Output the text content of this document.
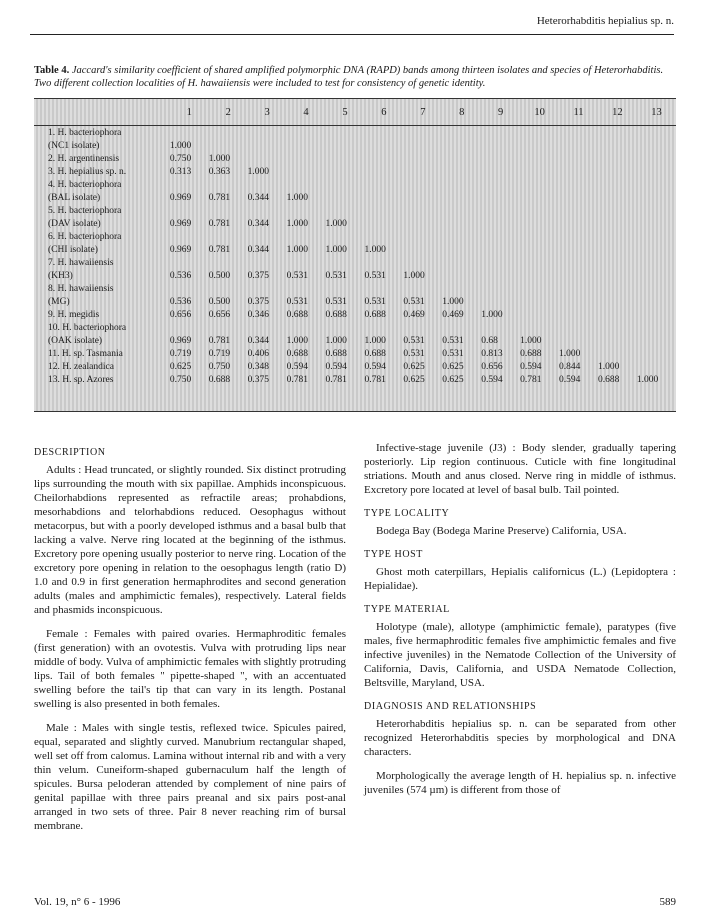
Heterorhabditis hepialius sp. n.
Table 4. Jaccard's similarity coefficient of shared amplified polymorphic DNA (RAPD) bands among thirteen isolates and species of Heterorhabditis. Two different collection localities of H. hawaiiensis were included to test for consistency of genetic identity.
	1	2	3	4	5	6	7	8	9	10	11	12	13
1. H. bacteriophora													
(NC1 isolate)	1.000												
2. H. argentinensis	0.750	1.000											
3. H. hepialius sp. n.	0.313	0.363	1.000										
4. H. bacteriophora													
(BAL isolate)	0.969	0.781	0.344	1.000									
5. H. bacteriophora													
(DAV isolate)	0.969	0.781	0.344	1.000	1.000								
6. H. bacteriophora													
(CHI isolate)	0.969	0.781	0.344	1.000	1.000	1.000							
7. H. hawaiiensis													
(KH3)	0.536	0.500	0.375	0.531	0.531	0.531	1.000						
8. H. hawaiiensis													
(MG)	0.536	0.500	0.375	0.531	0.531	0.531	0.531	1.000					
9. H. megidis	0.656	0.656	0.346	0.688	0.688	0.688	0.469	0.469	1.000				
10. H. bacteriophora													
(OAK isolate)	0.969	0.781	0.344	1.000	1.000	1.000	0.531	0.531	0.68	1.000			
11. H. sp. Tasmania	0.719	0.719	0.406	0.688	0.688	0.688	0.531	0.531	0.813	0.688	1.000		
12. H. zealandica	0.625	0.750	0.348	0.594	0.594	0.594	0.625	0.625	0.656	0.594	0.844	1.000	
13. H. sp. Azores	0.750	0.688	0.375	0.781	0.781	0.781	0.625	0.625	0.594	0.781	0.594	0.688	1.000
DESCRIPTION

Adults : Head truncated, or slightly rounded. Six distinct protruding lips surrounding the mouth with six papillae. Amphids inconspicuous. Cheilorhabdions represented as refractile areas; prohabdions, mesorhabdions and telorhabdions reduced. Oesophagus without metacorpus, but with a poorly developed isthmus and a basal bulb that lacking a valve. Nerve ring located at the beginning of the isthmus. Excretory pore opening usually posterior to nerve ring. Location of the excretory pore opening in relation to the oesophagus length (ratio D) 1.0 and 0.9 in first generation hermaphrodites and second generation adults (males and amphimictic females), respectively. Lateral fields and phasmids inconspicuous.

Female : Females with paired ovaries. Hermaphroditic females (first generation) with an ovotestis. Vulva with protruding lips near middle of body. Vulva of amphimictic females with slightly protruding lips. Tail of both females " pipette-shaped ", with an accentuated swelling before the tail's tip that can vary in its length. Postanal swelling is also presented in both females.

Male : Males with single testis, reflexed twice. Spicules paired, equal, separated and slightly curved. Manubrium rectangular shaped, well set off from calomus. Lamina without internal rib and with a very thin velum. Cuneiform-shaped gubernaculum half the length of spicules. Bursa peloderan attended by complement of nine pairs of genital papillae with three pairs preanal and six pairs post-anal arranged in two sets of three. Pair 8 never reaching rim of bursal membrane.

Infective-stage juvenile (J3) : Body slender, gradually tapering posteriorly. Lip region continuous. Cuticle with fine longitudinal striations. Mouth and anus closed. Nerve ring in middle of isthmus. Excretory pore located at level of basal bulb. Tail pointed.

TYPE LOCALITY

Bodega Bay (Bodega Marine Preserve) California, USA.

TYPE HOST

Ghost moth caterpillars, Hepialis californicus (L.) (Lepidoptera : Hepialidae).

TYPE MATERIAL

Holotype (male), allotype (amphimictic female), paratypes (five males, five hermaphroditic females five amphimictic females and five infective juveniles) in the Nematode Collection of the University of California, Davis, California, and USDA Nematode Collection, Beltsville, Maryland, USA.

DIAGNOSIS AND RELATIONSHIPS

Heterorhabditis hepialius sp. n. can be separated from other recognized Heterorhabditis species by morphological and DNA characters.

Morphologically the average length of H. hepialius sp. n. infective juveniles (574 µm) is different from those of

Vol. 19, n° 6 - 1996	589
